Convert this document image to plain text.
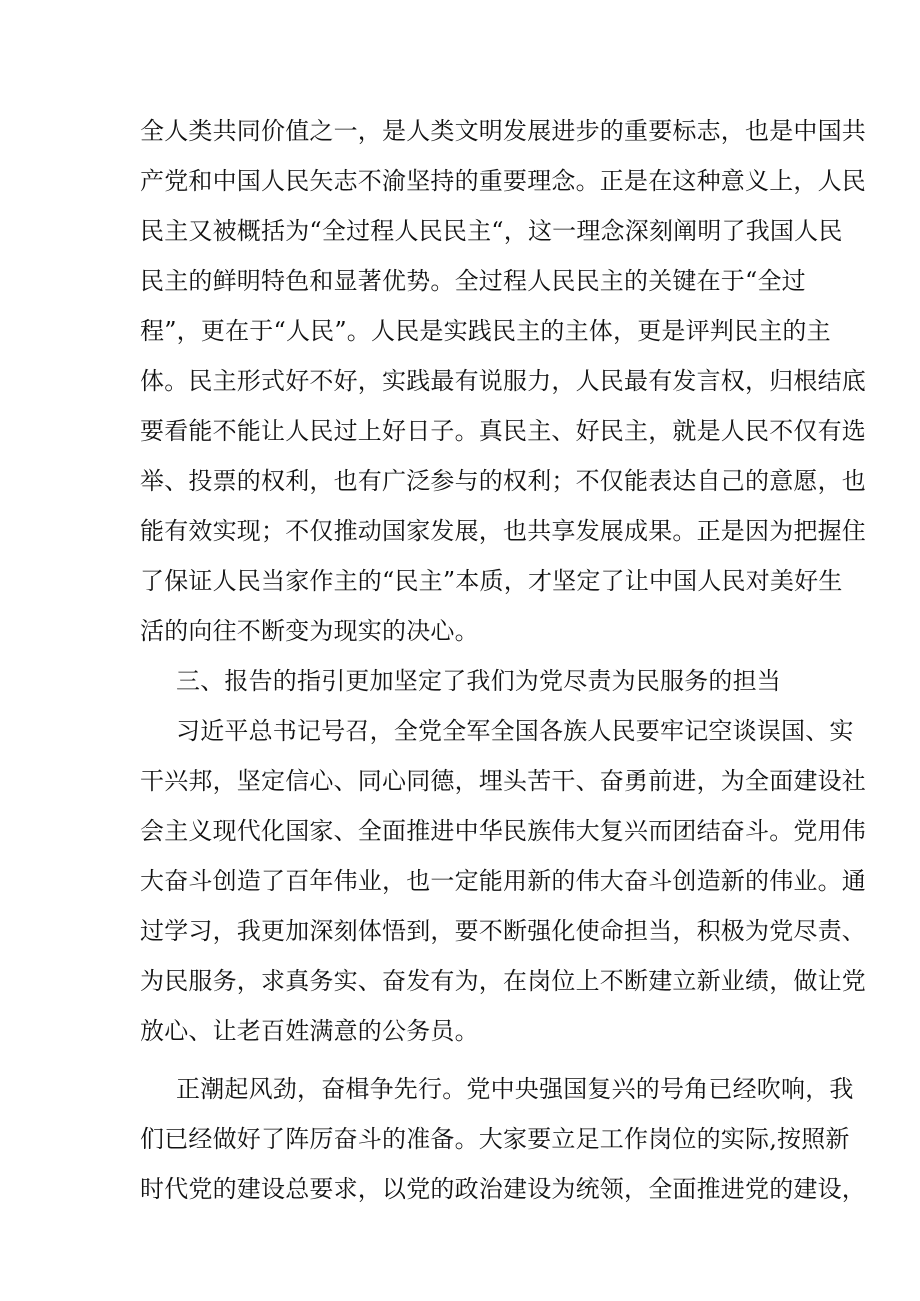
全人类共同价值之一，是人类文明发展进步的重要标志，也是中国共
产党和中国人民矢志不渝坚持的重要理念。正是在这种意义上，人民
民主又被概括为“全过程人民民主“，这一理念深刻阐明了我国人民
民主的鲜明特色和显著优势。全过程人民民主的关键在于“全过
程”，更在于“人民”。人民是实践民主的主体，更是评判民主的主
体。民主形式好不好，实践最有说服力，人民最有发言权，归根结底
要看能不能让人民过上好日子。真民主、好民主，就是人民不仅有选
举、投票的权利，也有广泛参与的权利；不仅能表达自己的意愿，也
能有效实现；不仅推动国家发展，也共享发展成果。正是因为把握住
了保证人民当家作主的“民主”本质，才坚定了让中国人民对美好生
活的向往不断变为现实的决心。
三、报告的指引更加坚定了我们为党尽责为民服务的担当
习近平总书记号召，全党全军全国各族人民要牢记空谈误国、实
干兴邦，坚定信心、同心同德，埋头苦干、奋勇前进，为全面建设社
会主义现代化国家、全面推进中华民族伟大复兴而团结奋斗。党用伟
大奋斗创造了百年伟业，也一定能用新的伟大奋斗创造新的伟业。通
过学习，我更加深刻体悟到，要不断强化使命担当，积极为党尽责、
为民服务，求真务实、奋发有为，在岗位上不断建立新业绩，做让党
放心、让老百姓满意的公务员。
正潮起风劲，奋楫争先行。党中央强国复兴的号角已经吹响，我
们已经做好了阵厉奋斗的准备。大家要立足工作岗位的实际,按照新
时代党的建设总要求，以党的政治建设为统领，全面推进党的建设，
